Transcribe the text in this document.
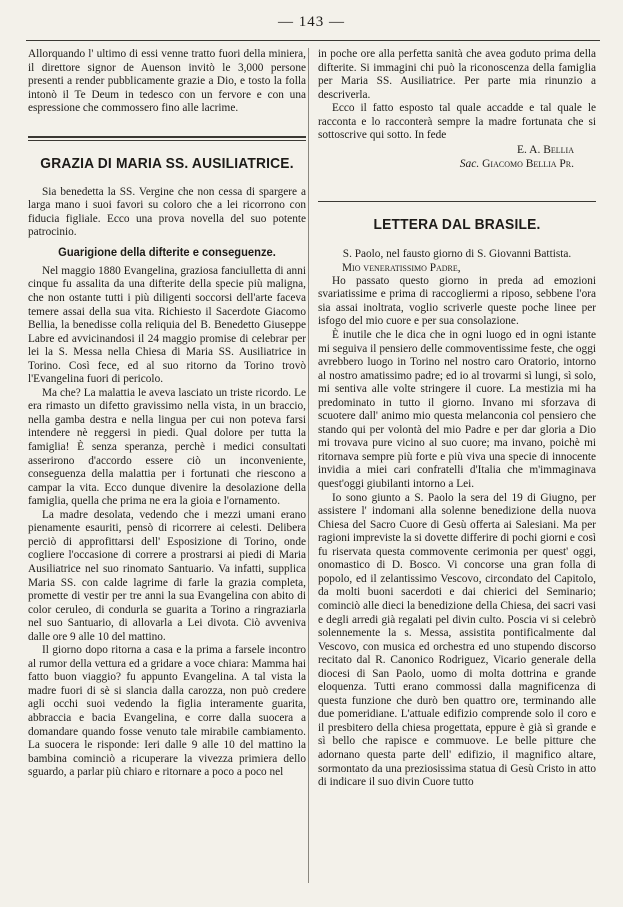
— 143 —

Allorquando l' ultimo di essi venne tratto fuori della miniera, il direttore signor de Auenson invitò le 3,000 persone presenti a render pubblicamente grazie a Dio, e tosto la folla intonò il Te Deum in tedesco con un fervore e con una espressione che commossero fino alle lacrime.

GRAZIA DI MARIA SS. AUSILIATRICE.

Sia benedetta la SS. Vergine che non cessa di spargere a larga mano i suoi favori su coloro che a lei ricorrono con fiducia figliale. Ecco una prova novella del suo potente patrocinio.

Guarigione della difterite e conseguenze.

Nel maggio 1880 Evangelina, graziosa fanciulletta di anni cinque fu assalita da una difterite della specie più maligna, che non ostante tutti i più diligenti soccorsi dell'arte faceva temere assai della sua vita. Richiesto il Sacerdote Giacomo Bellia, la benedisse colla reliquia del B. Benedetto Giuseppe Labre ed avvicinandosi il 24 maggio promise di celebrar per lei la S. Messa nella Chiesa di Maria SS. Ausiliatrice in Torino. Così fece, ed al suo ritorno da Torino trovò l'Evangelina fuori di pericolo.

Ma che? La malattia le aveva lasciato un triste ricordo. Le era rimasto un difetto gravissimo nella vista, in un braccio, nella gamba destra e nella lingua per cui non poteva farsi intendere nè reggersi in piedi. Qual dolore per tutta la famiglia! È senza speranza, perchè i medici consultati asserirono d'accordo essere ciò un inconveniente, conseguenza della malattia per i fortunati che riescono a campar la vita. Ecco dunque divenire la desolazione della famiglia, quella che prima ne era la gioia e l'ornamento.

La madre desolata, vedendo che i mezzi umani erano pienamente esauriti, pensò di ricorrere ai celesti. Delibera perciò di approfittarsi dell' Esposizione di Torino, onde cogliere l'occasione di correre a prostrarsi ai piedi di Maria Ausiliatrice nel suo rinomato Santuario. Va infatti, supplica Maria SS. con calde lagrime di farle la grazia completa, promette di vestir per tre anni la sua Evangelina con abito di color ceruleo, di condurla se guarita a Torino a ringraziarla nel suo Santuario, di allovarla a Lei divota. Ciò avveniva dalle ore 9 alle 10 del mattino.

Il giorno dopo ritorna a casa e la prima a farsele incontro al rumor della vettura ed a gridare a voce chiara: Mamma hai fatto buon viaggio? fu appunto Evangelina. A tal vista la madre fuori di sè si slancia dalla carozza, non può credere agli occhi suoi vedendo la figlia interamente guarita, abbraccia e bacia Evangelina, e corre dalla suocera a domandare quando fosse venuto tale mirabile cambiamento. La suocera le risponde: Ieri dalle 9 alle 10 del mattino la bambina cominciò a ricuperare la vivezza primiera dello sguardo, a parlar più chiaro e ritornare a poco a poco nel

in poche ore alla perfetta sanità che avea goduto prima della difterite. Si immagini chi può la riconoscenza della famiglia per Maria SS. Ausiliatrice. Per parte mia rinunzio a descriverla.

Ecco il fatto esposto tal quale accadde e tal quale le racconta e lo racconterà sempre la madre fortunata che si sottoscrive qui sotto. In fede

E. A. Bellia
Sac. Giacomo Bellia Pr.
LETTERA DAL BRASILE.
S. Paolo, nel fausto giorno di S. Giovanni Battista.
Mio veneratissimo Padre,

Ho passato questo giorno in preda ad emozioni svariatissime e prima di raccogliermi a riposo, sebbene l'ora sia assai inoltrata, voglio scriverle queste poche linee per isfogo del mio cuore e per sua consolazione.

È inutile che le dica che in ogni luogo ed in ogni istante mi seguiva il pensiero delle commoventissime feste, che oggi avrebbero luogo in Torino nel nostro caro Oratorio, intorno al nostro amatissimo padre; ed io al trovarmi sì lungi, sì solo, mi sentiva alle volte stringere il cuore. La mestizia mi ha predominato in tutto il giorno. Invano mi sforzava di scuotere dall' animo mio questa melanconia col pensiero che stando qui per volontà del mio Padre e per dar gloria a Dio mi trovava pure vicino al suo cuore; ma invano, poichè mi ritornava sempre più forte e più viva una specie di innocente invidia a miei cari confratelli d'Italia che m'immaginava quest'oggi giubilanti intorno a Lei.

Io sono giunto a S. Paolo la sera del 19 di Giugno, per assistere l' indomani alla solenne benedizione della nuova Chiesa del Sacro Cuore di Gesù offerta ai Salesiani. Ma per ragioni impreviste la si dovette differire di pochi giorni e così fu riservata questa commovente cerimonia per quest' oggi, onomastico di D. Bosco. Vi concorse una gran folla di popolo, ed il zelantissimo Vescovo, circondato del Capitolo, da molti buoni sacerdoti e dai chierici del Seminario; cominciò alle dieci la benedizione della Chiesa, dei sacri vasi e degli arredi già regalati pel divin culto. Poscia vi si celebrò solennemente la s. Messa, assistita pontificalmente dal Vescovo, con musica ed orchestra ed uno stupendo discorso recitato dal R. Canonico Rodriguez, Vicario generale della diocesi di San Paolo, uomo di molta dottrina e grande eloquenza. Tutti erano commossi dalla magnificenza di questa funzione che durò ben quattro ore, terminando alle due pomeridiane. L'attuale edifizio comprende solo il coro e il presbitero della chiesa progettata, eppure è già sì grande e sì bello che rapisce e commuove. Le belle pitture che adornano questa parte dell' edifizio, il magnifico altare, sormontato da una preziosissima statua di Gesù Cristo in atto di indicare il suo divin Cuore tutto
